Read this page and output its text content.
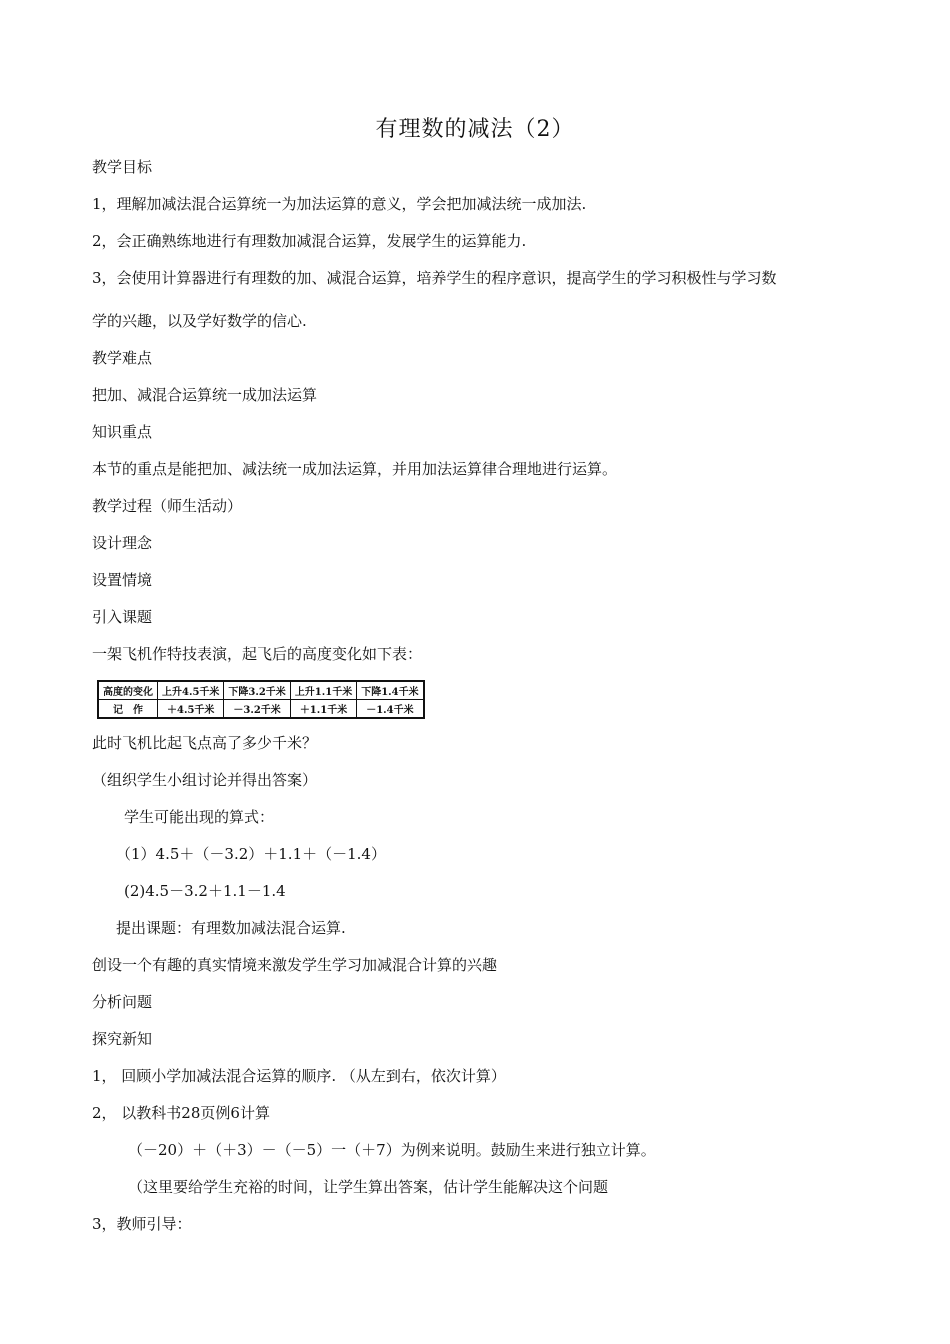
有理数的减法（2）
教学目标
1，理解加减法混合运算统一为加法运算的意义，学会把加减法统一成加法.
2，会正确熟练地进行有理数加减混合运算，发展学生的运算能力.
3，会使用计算器进行有理数的加、减混合运算，培养学生的程序意识，提高学生的学习积极性与学习数
学的兴趣，以及学好数学的信心.
教学难点
把加、减混合运算统一成加法运算
知识重点
本节的重点是能把加、减法统一成加法运算，并用加法运算律合理地进行运算。
教学过程（师生活动）
设计理念
设置情境
引入课题
一架飞机作特技表演，起飞后的高度变化如下表：
高度的变化	上升4.5千米	下降3.2千米	上升1.1千米	下降1.4千米
记　作	＋4.5千米	－3.2千米	＋1.1千米	－1.4千米
此时飞机比起飞点高了多少千米？
（组织学生小组讨论并得出答案）
学生可能出现的算式：
（1）4.5＋（－3.2）＋1.1＋（－1.4）
(2)4.5－3.2＋1.1－1.4
提出课题：有理数加减法混合运算.
创设一个有趣的真实情境来激发学生学习加减混合计算的兴趣
分析问题
探究新知
1， 回顾小学加减法混合运算的顺序. （从左到右，依次计算）
2， 以教科书28页例6计算
（－20）＋（＋3）－（－5）一（＋7）为例来说明。鼓励生来进行独立计算。
（这里要给学生充裕的时间，让学生算出答案，估计学生能解决这个问题
3，教师引导：
